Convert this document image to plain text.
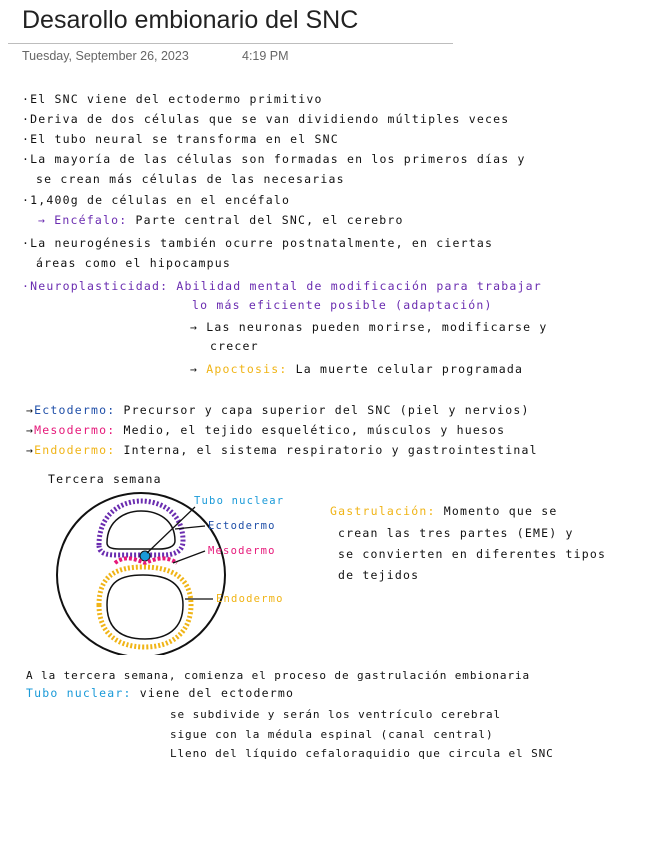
Desarollo embionario del SNC
Tuesday, September 26, 2023	4:19 PM
·El SNC viene del ectodermo primitivo
·Deriva de dos células que se van dividiendo múltiples veces
·El tubo neural se transforma en el SNC
·La mayoría de las células son formadas en los primeros días y
se crean más células de las necesarias
·1,400g de células en el encéfalo
→ Encéfalo: Parte central del SNC, el cerebro
·La neurogénesis también ocurre postnatalmente, en ciertas
áreas como el hipocampus
·Neuroplasticidad: Abilidad mental de modificación para trabajar
lo más eficiente posible (adaptación)
→ Las neuronas pueden morirse, modificarse y
crecer
→ Apoctosis: La muerte celular programada
→Ectodermo: Precursor y capa superior del SNC (piel y nervios)
→Mesodermo: Medio, el tejido esquelético, músculos y huesos
→Endodermo: Interna, el sistema respiratorio y gastrointestinal
Tercera semana
Tubo nuclear
Ectodermo
Mesodermo
Endodermo
Gastrulación: Momento que se
crean las tres partes (EME) y
se convierten en diferentes tipos
de tejidos
A la tercera semana, comienza el proceso de gastrulación embionaria
Tubo nuclear: viene del ectodermo
se subdivide y serán los ventrículo cerebral
sigue con la médula espinal (canal central)
Lleno del líquido cefaloraquidio que circula el SNC
